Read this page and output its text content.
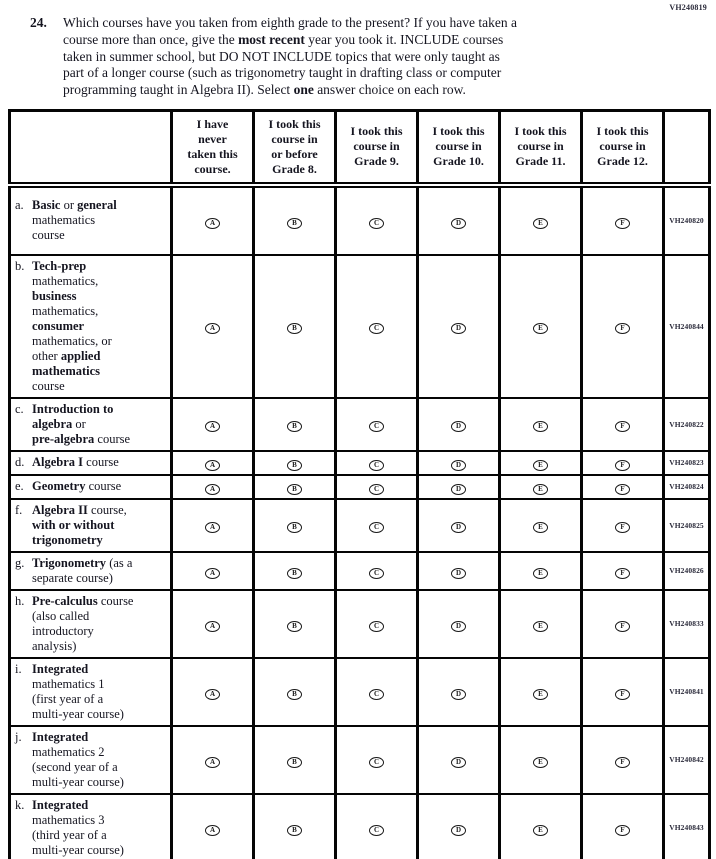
VH240819
24.	Which courses have you taken from eighth grade to the present? If you have taken a
course more than once, give the most recent year you took it. INCLUDE courses
taken in summer school, but DO NOT INCLUDE topics that were only taught as
part of a longer course (such as trigonometry taught in drafting class or computer
programming taught in Algebra II). Select one answer choice on each row.
	I have
never
taken this
course.	I took this
course in
or before
Grade 8.	I took this
course in
Grade 9.	I took this
course in
Grade 10.	I took this
course in
Grade 11.	I took this
course in
Grade 12.	

a. Basic or general
mathematics
course	A	B	C	D	E	F	VH240820

b. Tech-prep
mathematics,
business
mathematics,
consumer
mathematics, or
other applied
mathematics
course
	A	B	C	D	E	F	VH240844

c. Introduction to
algebra or
pre-algebra course	A	B	C	D	E	F	VH240822

d. Algebra I course	A	B	C	D	E	F	VH240823

e. Geometry course	A	B	C	D	E	F	VH240824

f. Algebra II course,
with or without
trigonometry	A	B	C	D	E	F	VH240825

g. Trigonometry (as a
separate course)	A	B	C	D	E	F	VH240826

h. Pre-calculus course
(also called
introductory
analysis)	A	B	C	D	E	F	VH240833

i. Integrated
mathematics 1
(first year of a
multi-year course)	A	B	C	D	E	F	VH240841

j. Integrated
mathematics 2
(second year of a
multi-year course)	A	B	C	D	E	F	VH240842

k. Integrated
mathematics 3
(third year of a
multi-year course)	A	B	C	D	E	F	VH240843
